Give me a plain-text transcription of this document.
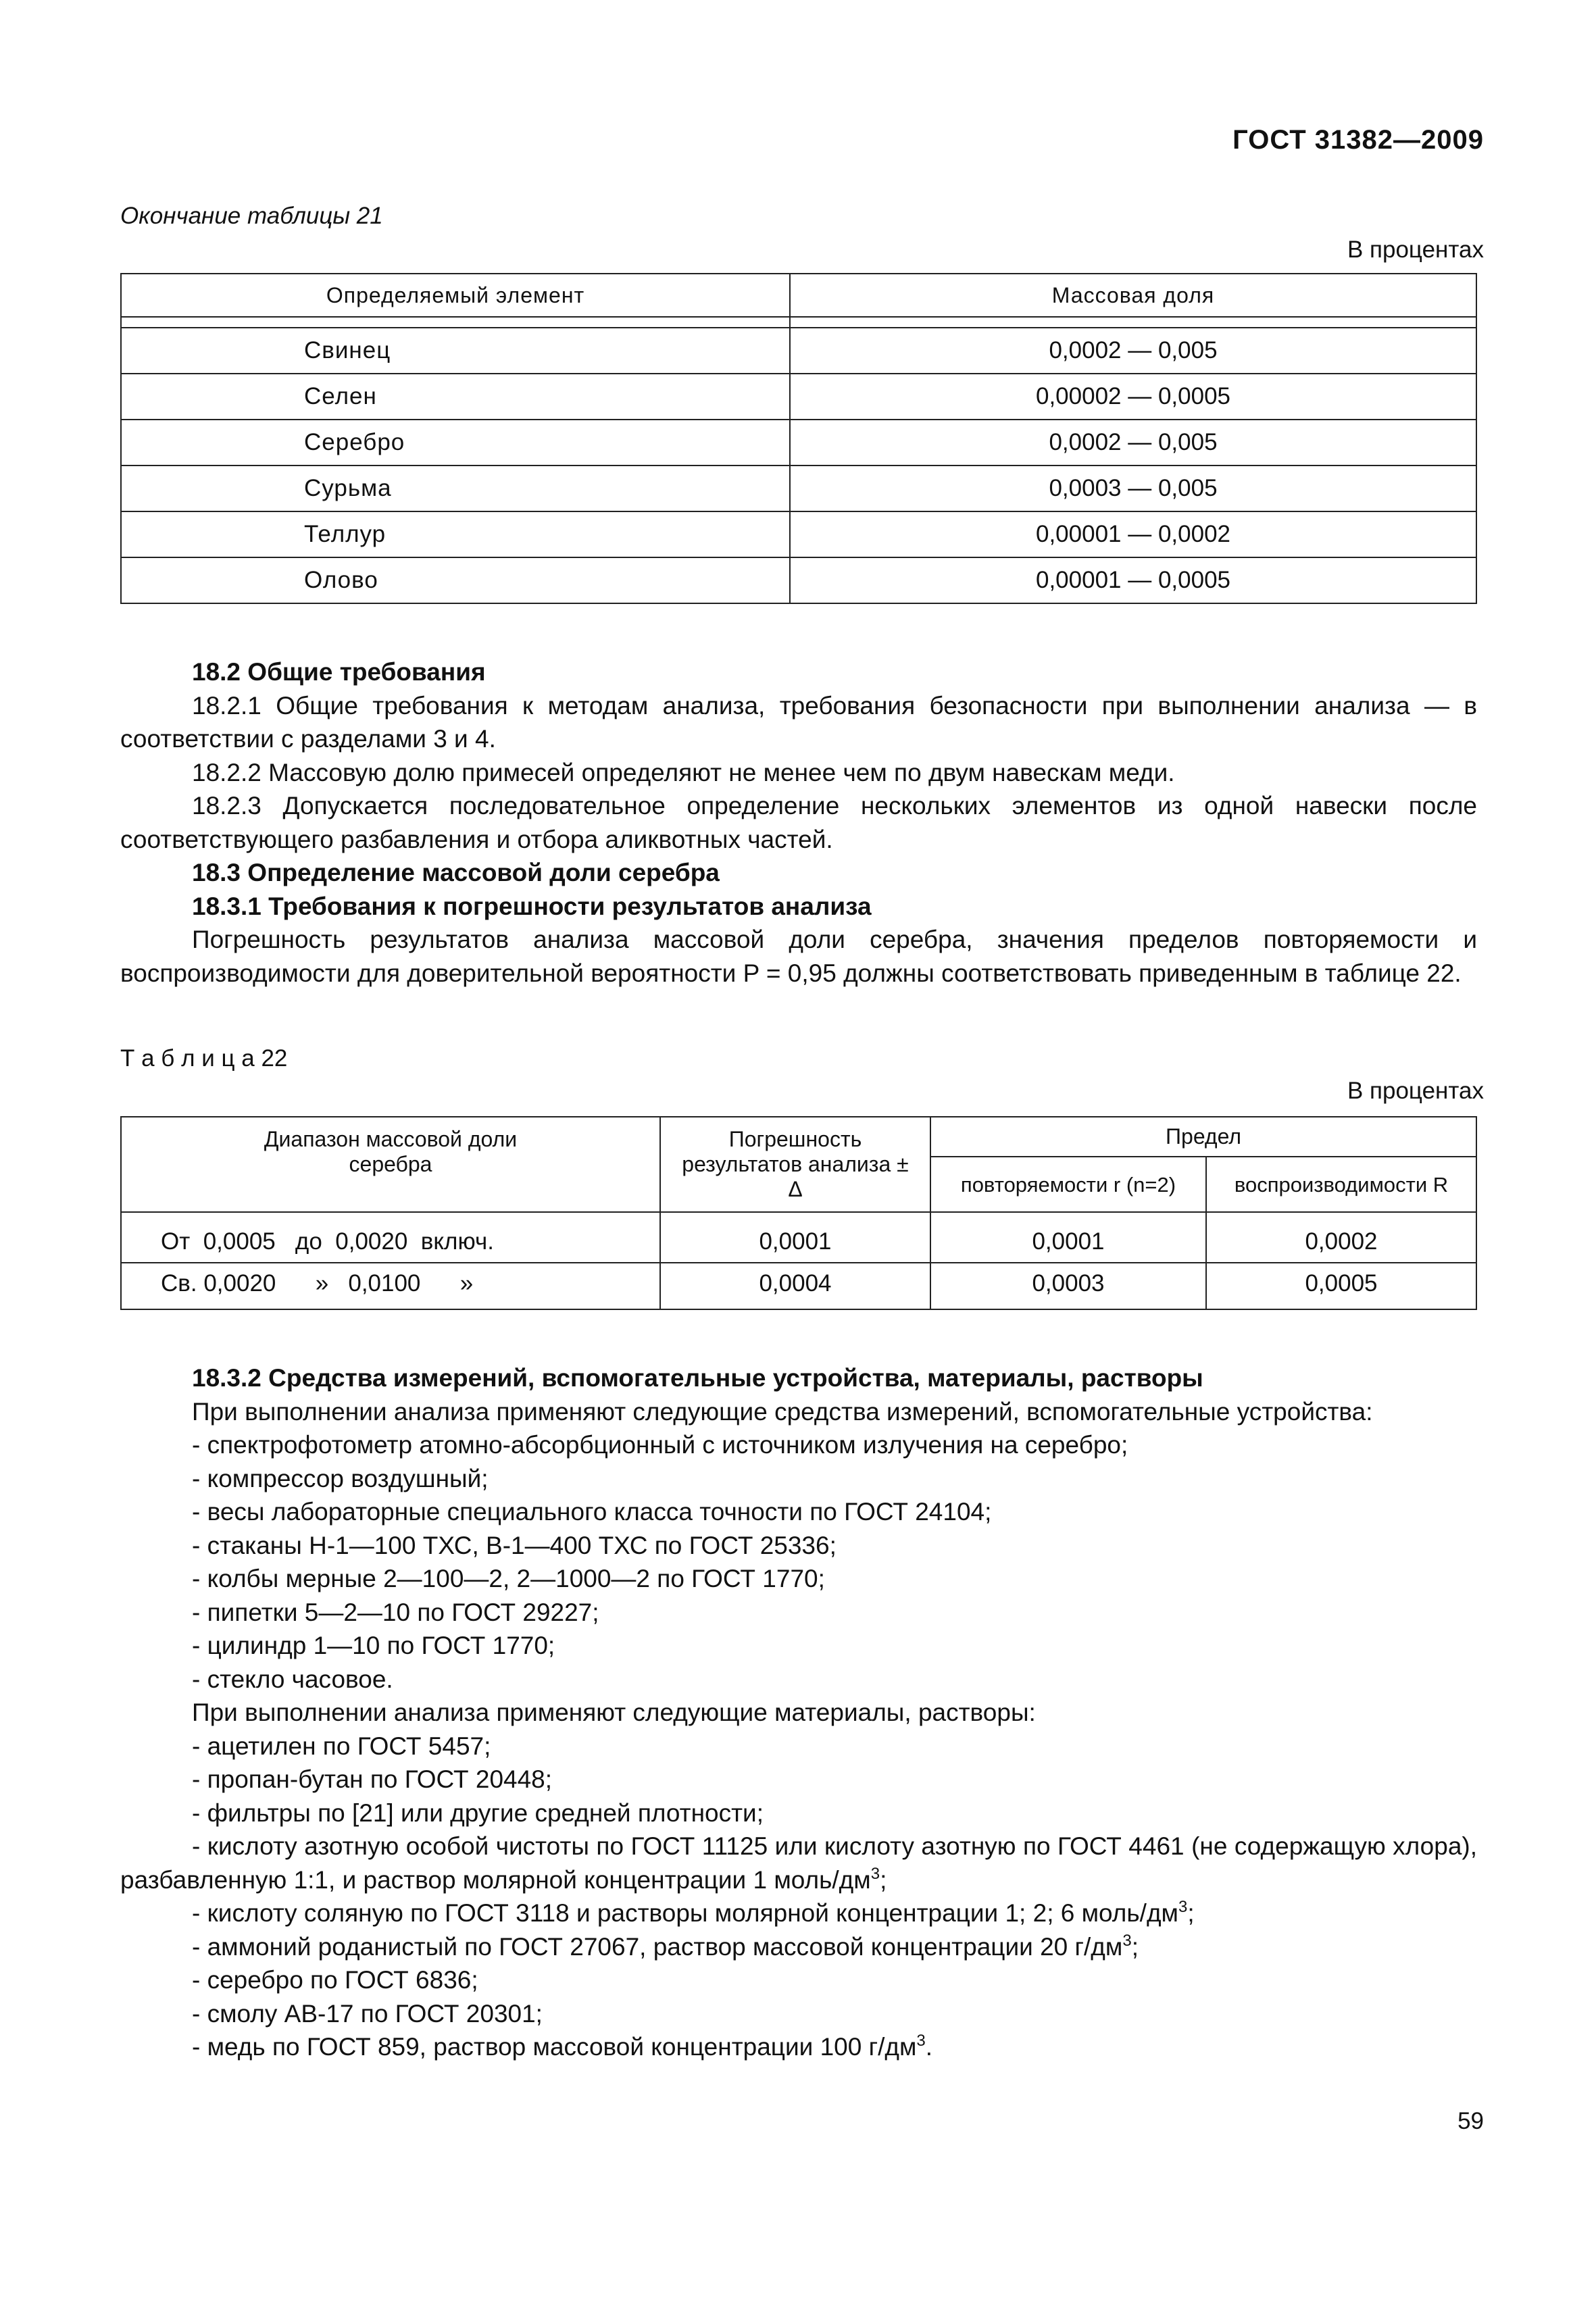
ГОСТ 31382—2009
Окончание таблицы 21
В процентах
Определяемый элемент	Массовая доля

Свинец	0,0002 — 0,005
Селен	0,00002 — 0,0005
Серебро	0,0002 — 0,005
Сурьма	0,0003 — 0,005
Теллур	0,00001 — 0,0002
Олово	0,00001 — 0,0005

18.2 Общие требования

18.2.1 Общие требования к методам анализа, требования безопасности при выполнении анализа — в соответствии с разделами 3 и 4.

18.2.2 Массовую долю примесей определяют не менее чем по двум навескам меди.

18.2.3 Допускается последовательное определение нескольких элементов из одной навески после соответствующего разбавления и отбора аликвотных частей.

18.3 Определение массовой доли серебра

18.3.1 Требования к погрешности результатов анализа

Погрешность результатов анализа массовой доли серебра, значения пределов повторяемости и воспроизводимости для доверительной вероятности P = 0,95 должны соответствовать приведенным в таблице 22.

Т а б л и ц а 22
В процентах
Диапазон массовой доли серебра	Погрешность результатов анализа ± Δ	Предел	
		повторяемости r (n=2)	воспроизводимости R
От  0,0005   до  0,0020  включ.	0,0001	0,0001	0,0002
Св. 0,0020      »   0,0100      »	0,0004	0,0003	0,0005

18.3.2 Средства измерений, вспомогательные устройства, материалы, растворы

При выполнении анализа применяют следующие средства измерений, вспомогательные устройства:

- спектрофотометр атомно-абсорбционный с источником излучения на серебро;

- компрессор воздушный;

- весы лабораторные специального класса точности по ГОСТ 24104;

- стаканы Н-1—100 ТХС, В-1—400 ТХС по ГОСТ 25336;

- колбы мерные 2—100—2, 2—1000—2 по ГОСТ 1770;

- пипетки 5—2—10 по ГОСТ 29227;

- цилиндр 1—10 по ГОСТ 1770;

- стекло часовое.

При выполнении анализа применяют следующие материалы, растворы:

- ацетилен по ГОСТ 5457;

- пропан-бутан по ГОСТ 20448;

- фильтры по [21] или другие средней плотности;

- кислоту азотную особой чистоты по ГОСТ 11125 или кислоту азотную по ГОСТ 4461 (не содержащую хлора), разбавленную 1:1, и раствор молярной концентрации 1 моль/$дм^3$;

- кислоту соляную по ГОСТ 3118 и растворы молярной концентрации 1; 2; 6 моль/$дм^3$;

- аммоний роданистый по ГОСТ 27067, раствор массовой концентрации 20 $г/дм^3$;

- серебро по ГОСТ 6836;

- смолу АВ-17 по ГОСТ 20301;

- медь по ГОСТ 859, раствор массовой концентрации 100 $г/дм^3$.

59
